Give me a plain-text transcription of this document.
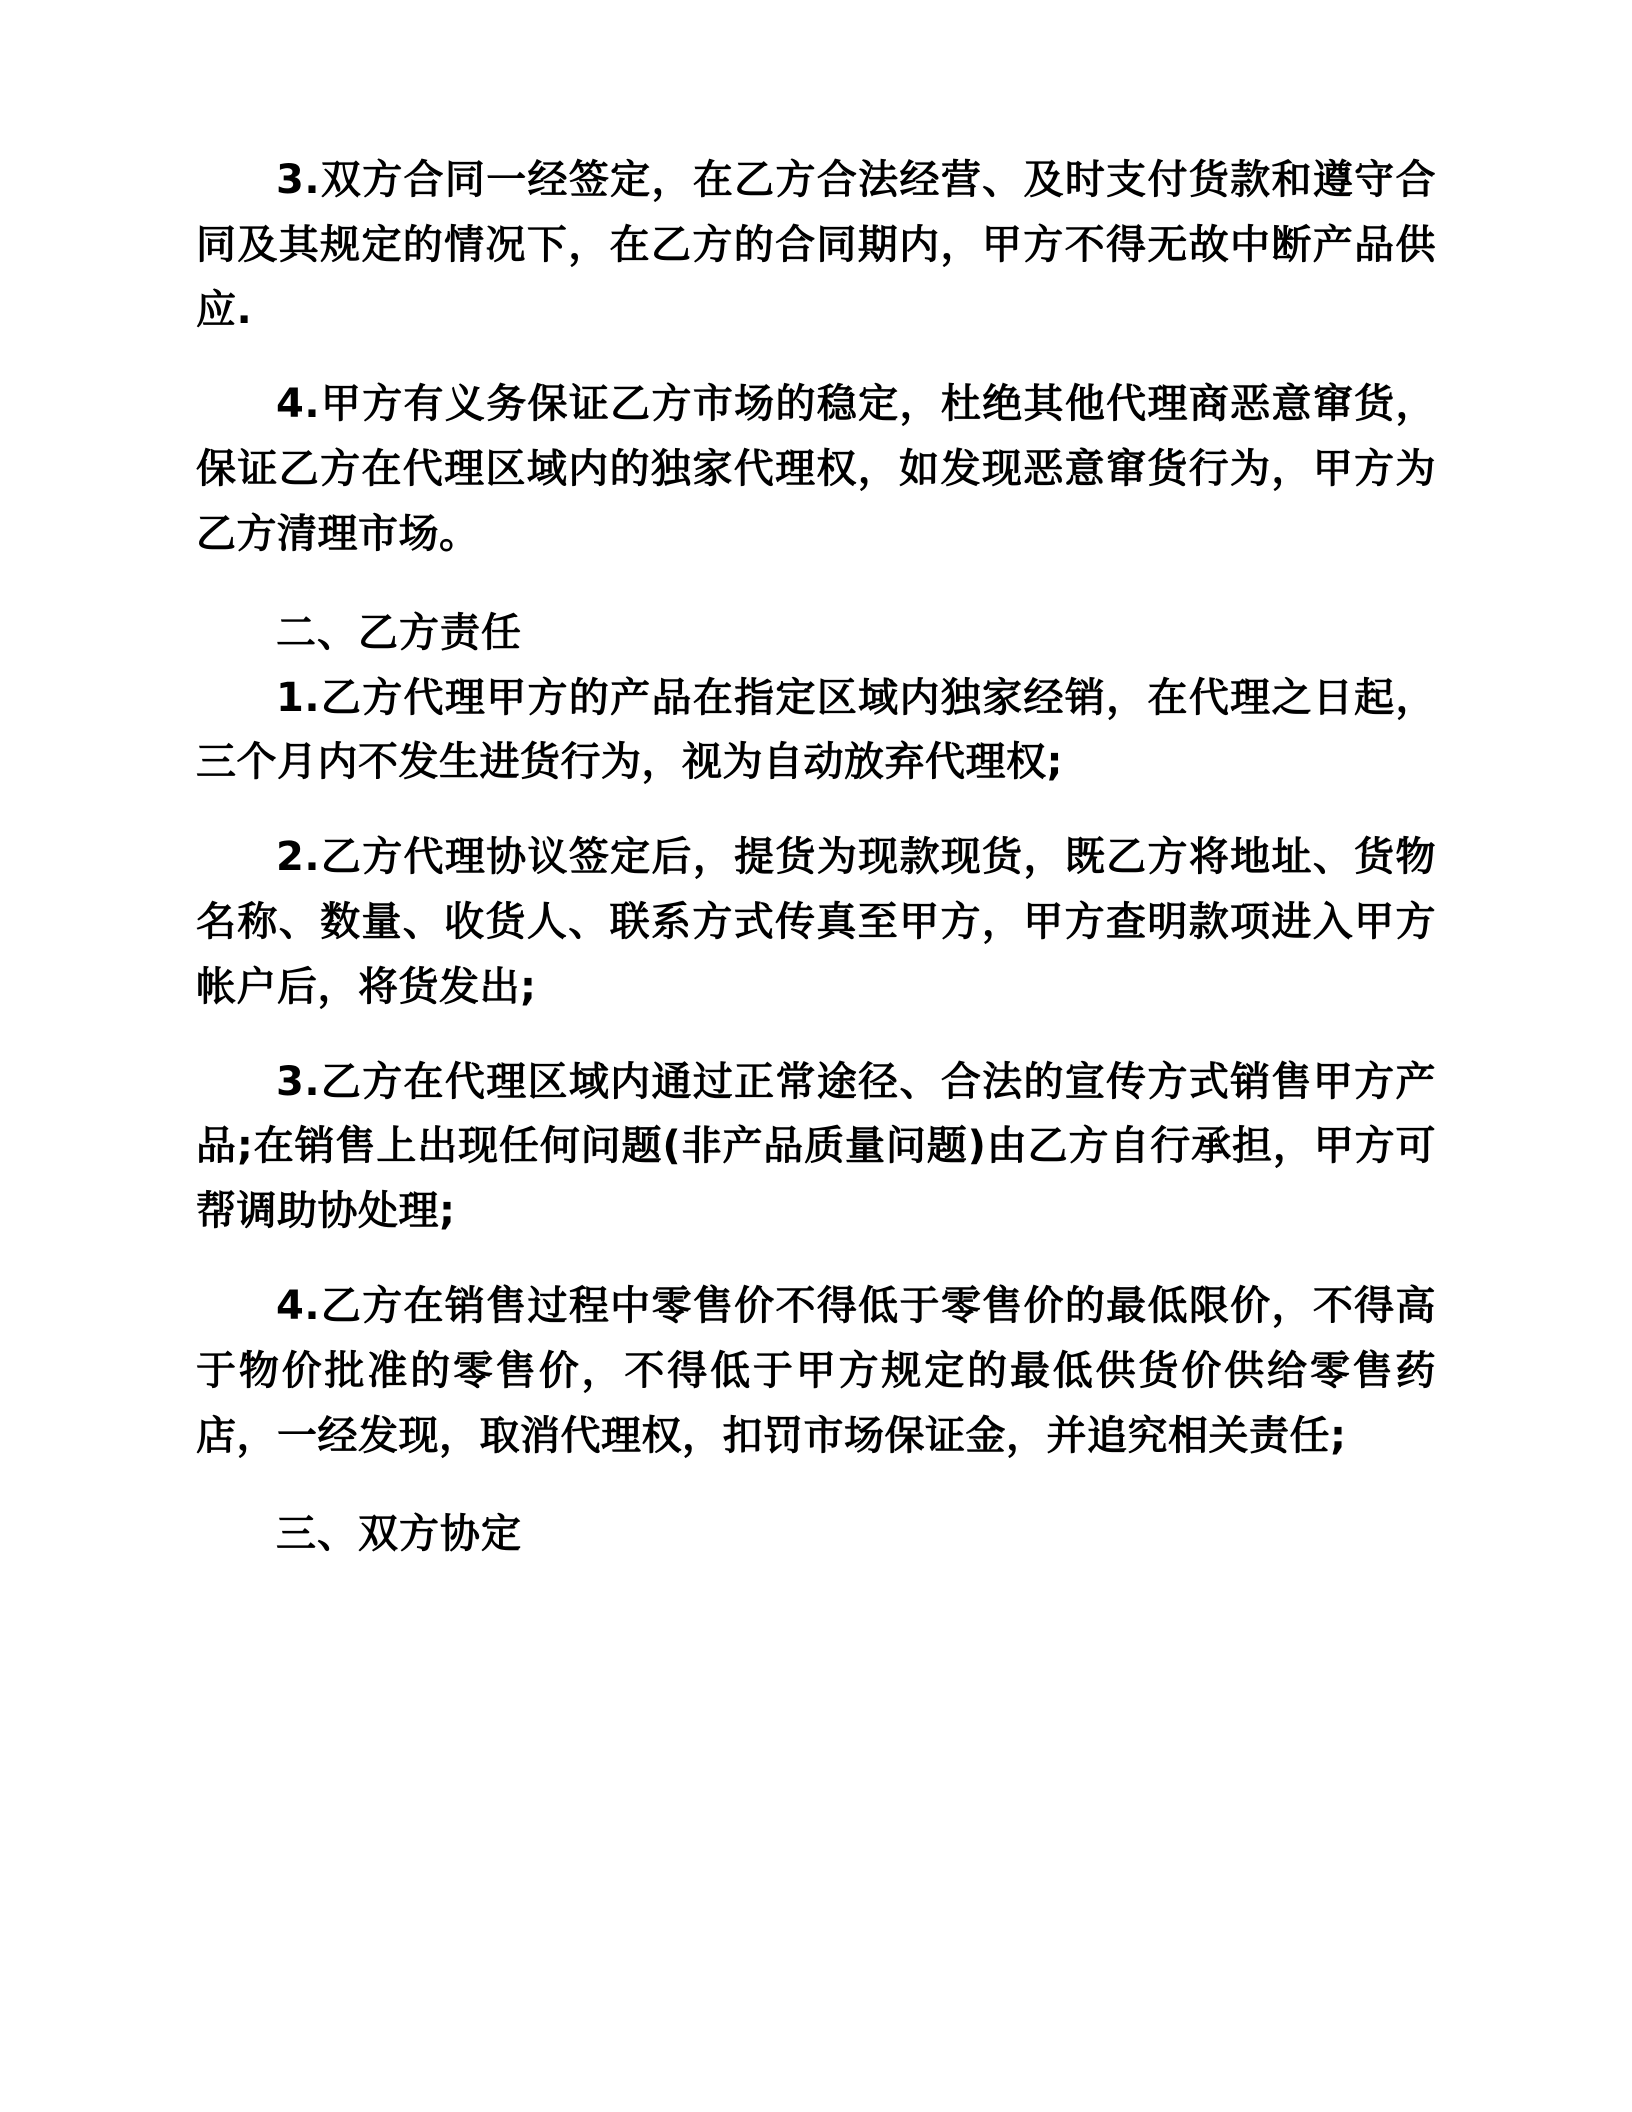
3.双方合同一经签定，在乙方合法经营、及时支付货款和遵守合同及其规定的情况下，在乙方的合同期内，甲方不得无故中断产品供应.

4.甲方有义务保证乙方市场的稳定，杜绝其他代理商恶意窜货，保证乙方在代理区域内的独家代理权，如发现恶意窜货行为，甲方为乙方清理市场。

二、乙方责任

1.乙方代理甲方的产品在指定区域内独家经销，在代理之日起，三个月内不发生进货行为，视为自动放弃代理权;

2.乙方代理协议签定后，提货为现款现货，既乙方将地址、货物名称、数量、收货人、联系方式传真至甲方，甲方查明款项进入甲方帐户后，将货发出;

3.乙方在代理区域内通过正常途径、合法的宣传方式销售甲方产品;在销售上出现任何问题(非产品质量问题)由乙方自行承担，甲方可帮调助协处理;

4.乙方在销售过程中零售价不得低于零售价的最低限价，不得高于物价批准的零售价，不得低于甲方规定的最低供货价供给零售药店，一经发现，取消代理权，扣罚市场保证金，并追究相关责任;

三、双方协定
